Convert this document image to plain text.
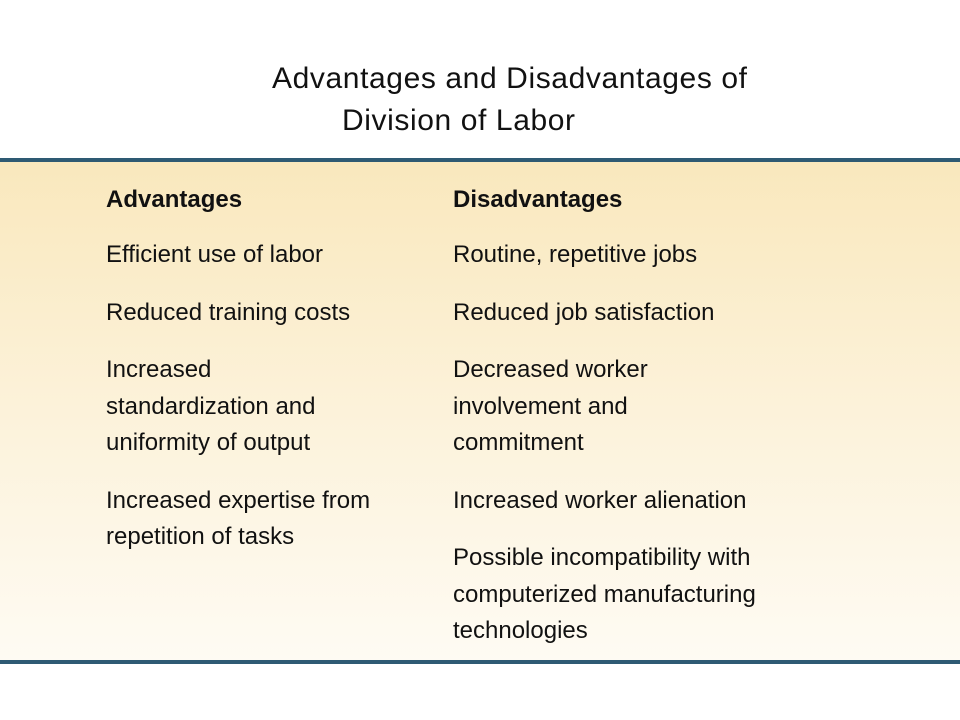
Advantages and Disadvantages of
Division of Labor
Advantages
Efficient use of labor
Reduced training costs
Increased standardization and uniformity of output
Increased expertise from repetition of tasks
Disadvantages
Routine, repetitive jobs
Reduced job satisfaction
Decreased worker involvement and commitment
Increased worker alienation
Possible incompatibility with computerized manufacturing technologies
